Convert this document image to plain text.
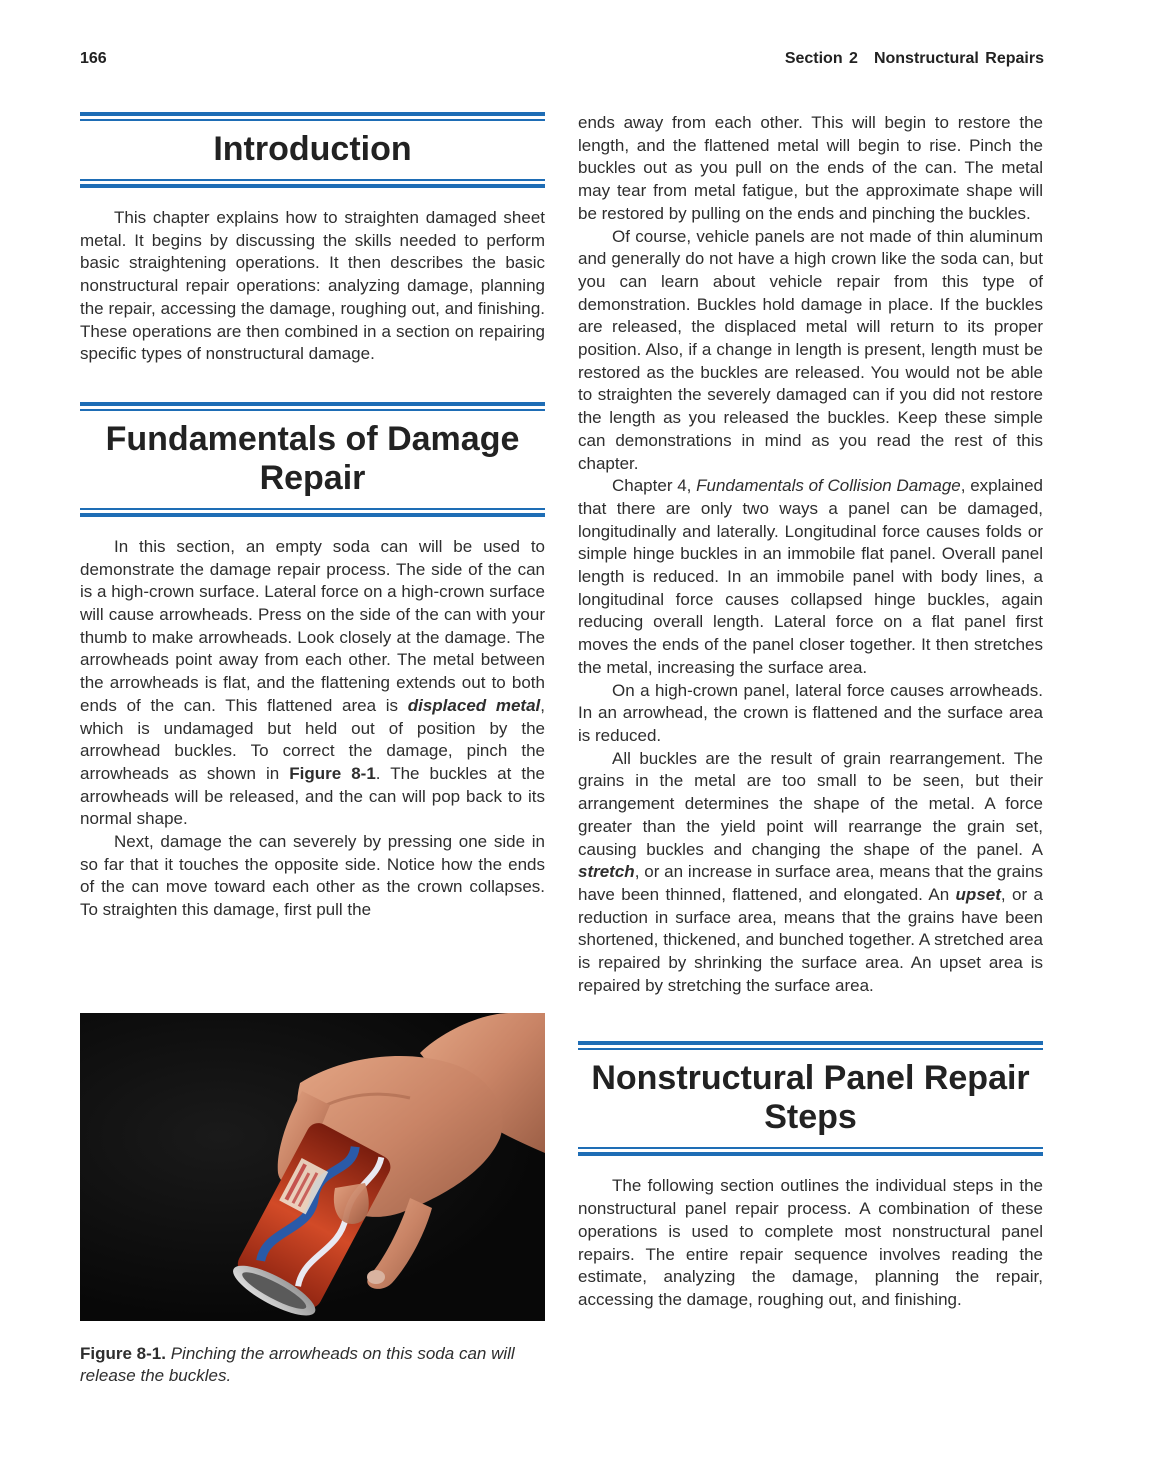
166	Section 2 Nonstructural Repairs
Introduction

This chapter explains how to straighten damaged sheet metal. It begins by discussing the skills needed to perform basic straightening operations. It then describes the basic nonstructural repair operations: analyzing damage, planning the repair, accessing the damage, roughing out, and finishing. These operations are then combined in a section on repairing specific types of nonstructural damage.

Fundamentals of Damage Repair

In this section, an empty soda can will be used to demonstrate the damage repair process. The side of the can is a high-crown surface. Lateral force on a high-crown surface will cause arrowheads. Press on the side of the can with your thumb to make arrowheads. Look closely at the damage. The arrowheads point away from each other. The metal between the arrowheads is flat, and the flattening extends out to both ends of the can. This flattened area is displaced metal, which is undamaged but held out of position by the arrowhead buckles. To correct the damage, pinch the arrowheads as shown in Figure 8-1. The buckles at the arrowheads will be released, and the can will pop back to its normal shape.

Next, damage the can severely by pressing one side in so far that it touches the opposite side. Notice how the ends of the can move toward each other as the crown collapses. To straighten this damage, first pull the

Figure 8-1. Pinching the arrowheads on this soda can will release the buckles.

ends away from each other. This will begin to restore the length, and the flattened metal will begin to rise. Pinch the buckles out as you pull on the ends of the can. The metal may tear from metal fatigue, but the approximate shape will be restored by pulling on the ends and pinching the buckles.

Of course, vehicle panels are not made of thin aluminum and generally do not have a high crown like the soda can, but you can learn about vehicle repair from this type of demonstration. Buckles hold damage in place. If the buckles are released, the displaced metal will return to its proper position. Also, if a change in length is present, length must be restored as the buckles are released. You would not be able to straighten the severely damaged can if you did not restore the length as you released the buckles. Keep these simple can demonstrations in mind as you read the rest of this chapter.

Chapter 4, Fundamentals of Collision Damage, explained that there are only two ways a panel can be damaged, longitudinally and laterally. Longitudinal force causes folds or simple hinge buckles in an immobile flat panel. Overall panel length is reduced. In an immobile panel with body lines, a longitudinal force causes collapsed hinge buckles, again reducing overall length. Lateral force on a flat panel first moves the ends of the panel closer together. It then stretches the metal, increasing the surface area.

On a high-crown panel, lateral force causes arrowheads. In an arrowhead, the crown is flattened and the surface area is reduced.

All buckles are the result of grain rearrangement. The grains in the metal are too small to be seen, but their arrangement determines the shape of the metal. A force greater than the yield point will rearrange the grain set, causing buckles and changing the shape of the panel. A stretch, or an increase in surface area, means that the grains have been thinned, flattened, and elongated. An upset, or a reduction in surface area, means that the grains have been shortened, thickened, and bunched together. A stretched area is repaired by shrinking the surface area. An upset area is repaired by stretching the surface area.

Nonstructural Panel Repair Steps

The following section outlines the individual steps in the nonstructural panel repair process. A combination of these operations is used to complete most nonstructural panel repairs. The entire repair sequence involves reading the estimate, analyzing the damage, planning the repair, accessing the damage, roughing out, and finishing.
